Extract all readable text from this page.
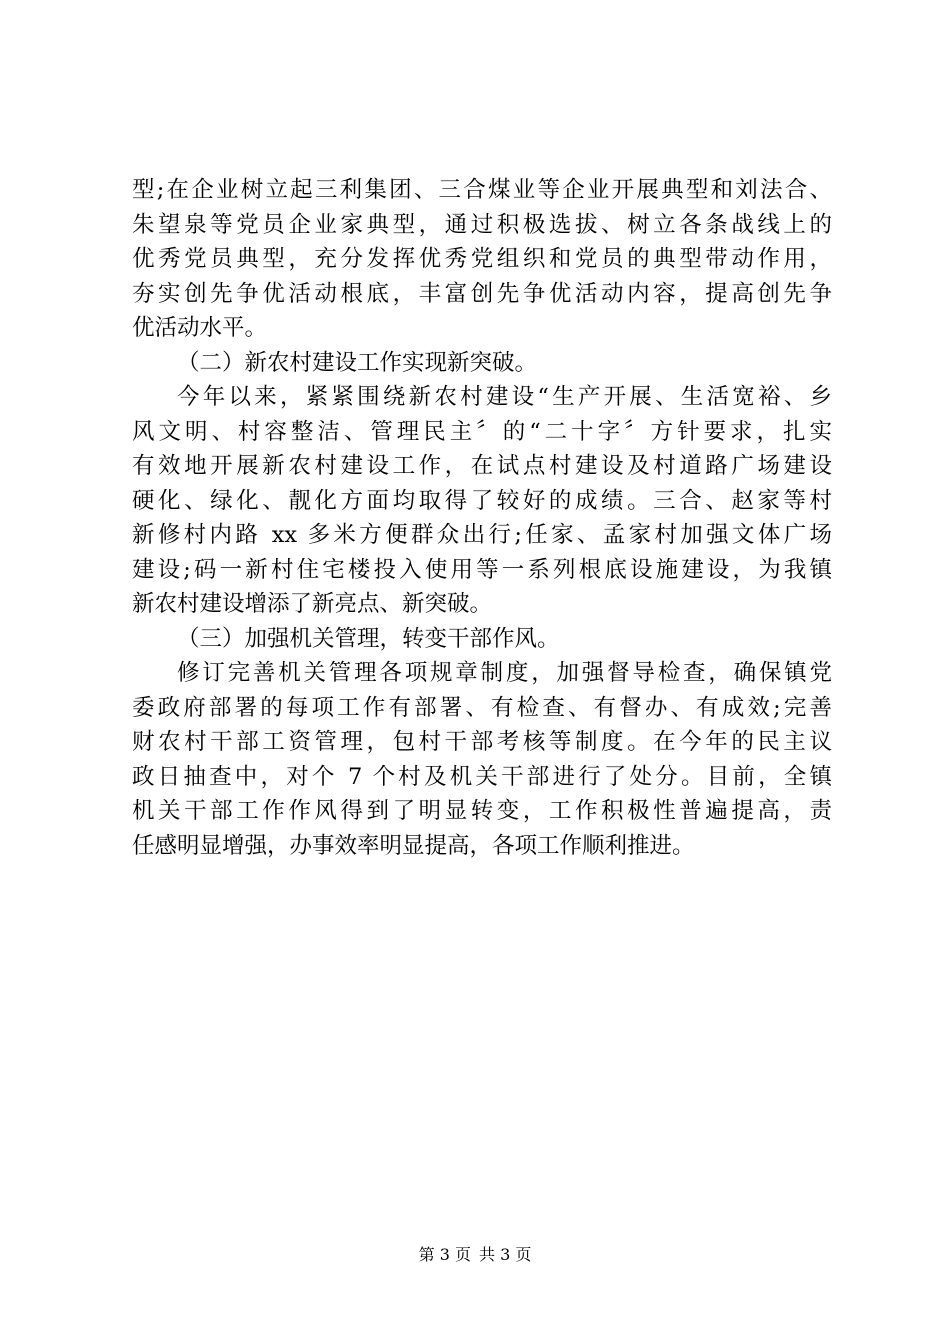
型;在企业树立起三利集团、三合煤业等企业开展典型和刘法合、
朱望泉等党员企业家典型，通过积极选拔、树立各条战线上的
优秀党员典型，充分发挥优秀党组织和党员的典型带动作用，
夯实创先争优活动根底，丰富创先争优活动内容，提高创先争
优活动水平。
（二）新农村建设工作实现新突破。
今年以来，紧紧围绕新农村建设“生产开展、生活宽裕、乡
风文明、村容整洁、管理民主〞的“二十字〞方针要求，扎实
有效地开展新农村建设工作，在试点村建设及村道路广场建设
硬化、绿化、靓化方面均取得了较好的成绩。三合、赵家等村
新修村内路 xx 多米方便群众出行;任家、孟家村加强文体广场
建设;码一新村住宅楼投入使用等一系列根底设施建设，为我镇
新农村建设增添了新亮点、新突破。
（三）加强机关管理，转变干部作风。
修订完善机关管理各项规章制度，加强督导检查，确保镇党
委政府部署的每项工作有部署、有检查、有督办、有成效;完善
财农村干部工资管理，包村干部考核等制度。在今年的民主议
政日抽查中，对个 7 个村及机关干部进行了处分。目前，全镇
机关干部工作作风得到了明显转变，工作积极性普遍提高，责
任感明显增强，办事效率明显提高，各项工作顺利推进。
第 3 页 共 3 页
